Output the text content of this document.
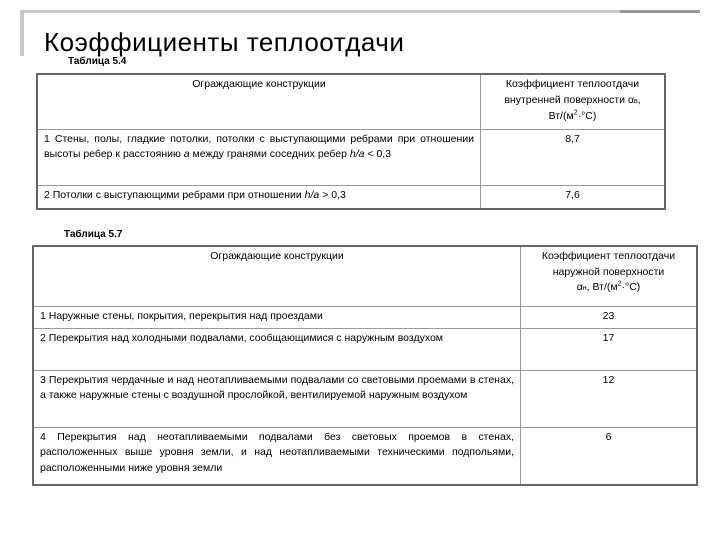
Коэффициенты теплоотдачи
Таблица 5.4
Ограждающие конструкции	Коэффициент теплоотдачи
внутренней поверхности αв,
$Вт/(м^2\cdot^\circ С)$
1 Стены, полы, гладкие потолки, потолки с выступающими ребрами при отношении высоты ребер к расстоянию a между гранями соседних ребер h/a < 0,3	8,7
2 Потолки с выступающими ребрами при отношении h/a > 0,3	7,6
Таблица 5.7
Ограждающие конструкции	Коэффициент теплоотдачи
наружной поверхности
αн, $Вт/(м^2\cdot^\circ С)$
1 Наружные стены, покрытия, перекрытия над проездами	23
2 Перекрытия над холодными подвалами, сообщающимися с наружным воздухом	17
3 Перекрытия чердачные и над неотапливаемыми подвалами со световыми проемами в стенах, а также наружные стены с воздушной прослойкой, вентилируемой наружным воздухом	12
4 Перекрытия над неотапливаемыми подвалами без световых проемов в стенах, расположенных выше уровня земли, и над неотапливаемыми техническими подпольями, расположенными ниже уровня земли	6
